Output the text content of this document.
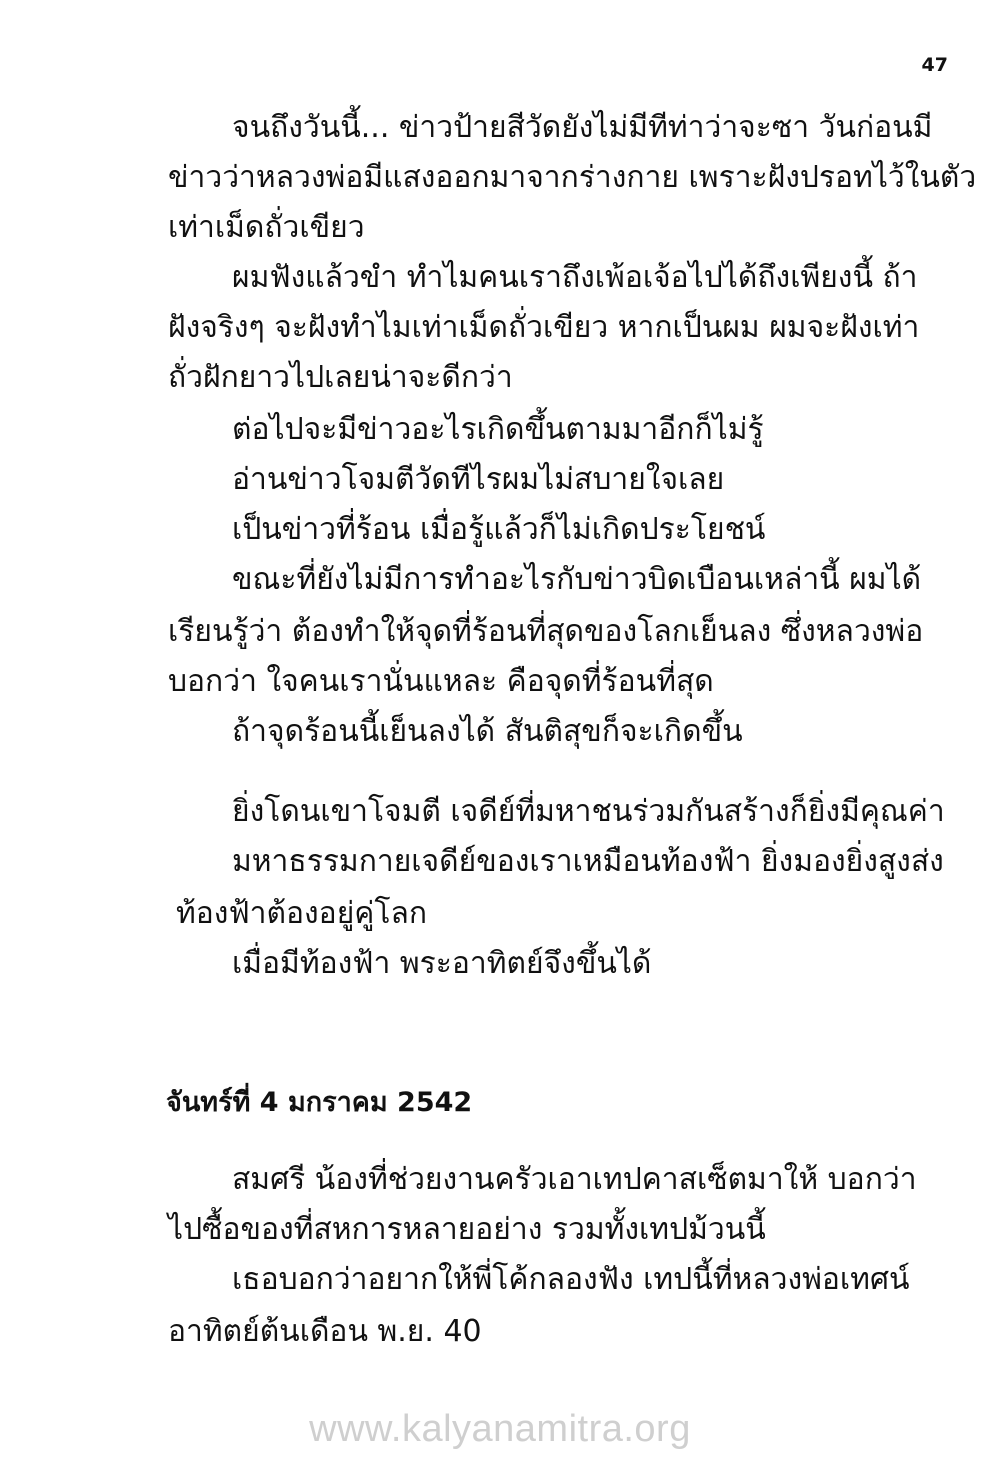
47
จนถึงวันนี้... ข่าวป้ายสีวัดยังไม่มีทีท่าว่าจะซา วันก่อนมี
ข่าวว่าหลวงพ่อมีแสงออกมาจากร่างกาย เพราะฝังปรอทไว้ในตัว
เท่าเม็ดถั่วเขียว
ผมฟังแล้วขำ ทำไมคนเราถึงเพ้อเจ้อไปได้ถึงเพียงนี้ ถ้า
ฝังจริงๆ จะฝังทำไมเท่าเม็ดถั่วเขียว หากเป็นผม ผมจะฝังเท่า
ถั่วฝักยาวไปเลยน่าจะดีกว่า
ต่อไปจะมีข่าวอะไรเกิดขึ้นตามมาอีกก็ไม่รู้
อ่านข่าวโจมตีวัดทีไรผมไม่สบายใจเลย
เป็นข่าวที่ร้อน เมื่อรู้แล้วก็ไม่เกิดประโยชน์
ขณะที่ยังไม่มีการทำอะไรกับข่าวบิดเบือนเหล่านี้ ผมได้
เรียนรู้ว่า ต้องทำให้จุดที่ร้อนที่สุดของโลกเย็นลง ซึ่งหลวงพ่อ
บอกว่า ใจคนเรานั่นแหละ คือจุดที่ร้อนที่สุด
ถ้าจุดร้อนนี้เย็นลงได้ สันติสุขก็จะเกิดขึ้น
ยิ่งโดนเขาโจมตี เจดีย์ที่มหาชนร่วมกันสร้างก็ยิ่งมีคุณค่า
มหาธรรมกายเจดีย์ของเราเหมือนท้องฟ้า ยิ่งมองยิ่งสูงส่ง
ท้องฟ้าต้องอยู่คู่โลก
เมื่อมีท้องฟ้า พระอาทิตย์จึงขึ้นได้
จันทร์ที่ 4 มกราคม 2542
สมศรี น้องที่ช่วยงานครัวเอาเทปคาสเซ็ตมาให้ บอกว่า
ไปซื้อของที่สหการหลายอย่าง รวมทั้งเทปม้วนนี้
เธอบอกว่าอยากให้พี่โค้กลองฟัง เทปนี้ที่หลวงพ่อเทศน์
อาทิตย์ต้นเดือน พ.ย. 40
www.kalyanamitra.org
